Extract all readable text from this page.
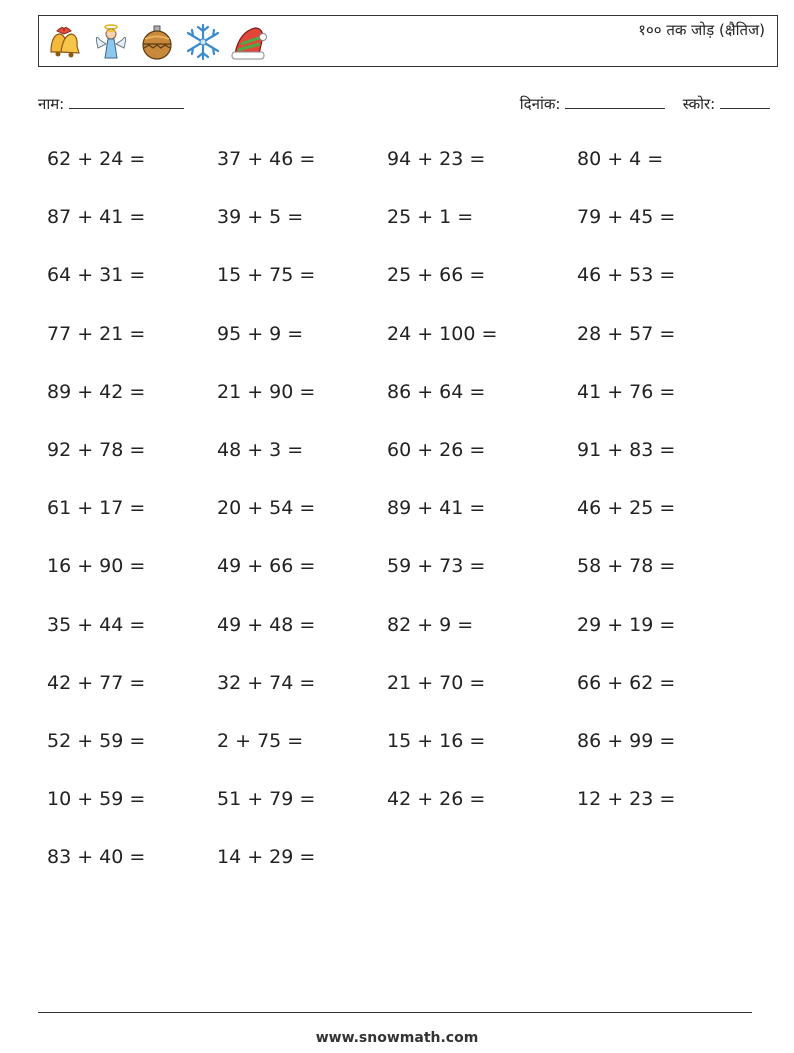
१०० तक जोड़ (क्षैतिज)
नाम:	दिनांक:	स्कोर:
62 + 24 =	37 + 46 =	94 + 23 =	80 + 4 =
87 + 41 =	39 + 5 =	25 + 1 =	79 + 45 =
64 + 31 =	15 + 75 =	25 + 66 =	46 + 53 =
77 + 21 =	95 + 9 =	24 + 100 =	28 + 57 =
89 + 42 =	21 + 90 =	86 + 64 =	41 + 76 =
92 + 78 =	48 + 3 =	60 + 26 =	91 + 83 =
61 + 17 =	20 + 54 =	89 + 41 =	46 + 25 =
16 + 90 =	49 + 66 =	59 + 73 =	58 + 78 =
35 + 44 =	49 + 48 =	82 + 9 =	29 + 19 =
42 + 77 =	32 + 74 =	21 + 70 =	66 + 62 =
52 + 59 =	2 + 75 =	15 + 16 =	86 + 99 =
10 + 59 =	51 + 79 =	42 + 26 =	12 + 23 =
83 + 40 =	14 + 29 =
www.snowmath.com
